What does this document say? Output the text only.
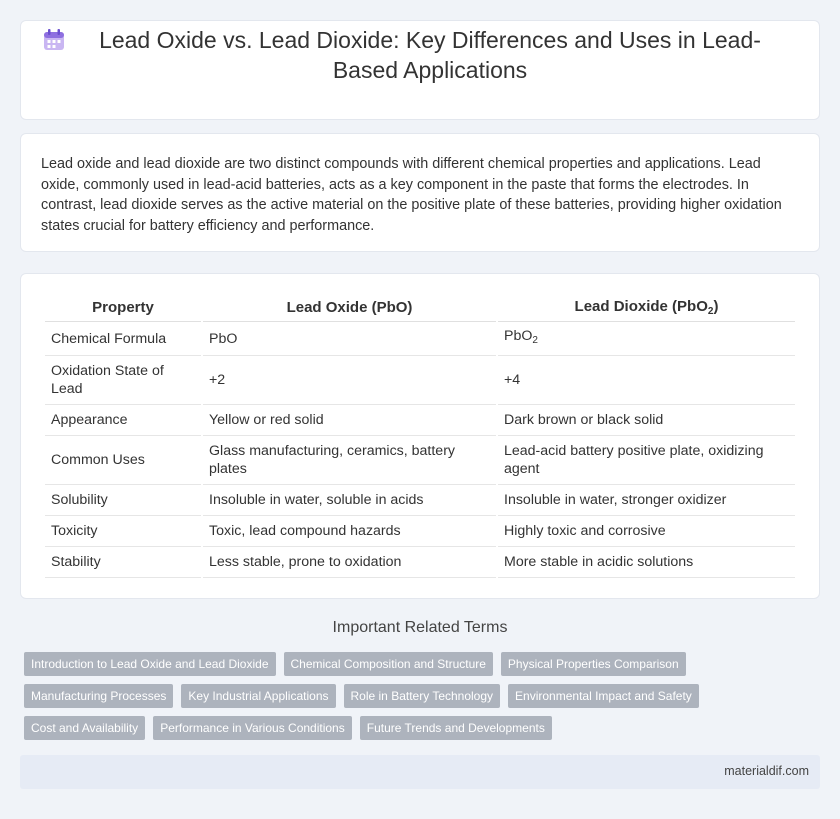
Lead Oxide vs. Lead Dioxide: Key Differences and Uses in Lead-Based Applications

Lead oxide and lead dioxide are two distinct compounds with different chemical properties and applications. Lead oxide, commonly used in lead-acid batteries, acts as a key component in the paste that forms the electrodes. In contrast, lead dioxide serves as the active material on the positive plate of these batteries, providing higher oxidation states crucial for battery efficiency and performance.

Property	Lead Oxide (PbO)	Lead Dioxide (PbO$_2$)
Chemical Formula	PbO	PbO$_2$
Oxidation State of Lead	+2	+4
Appearance	Yellow or red solid	Dark brown or black solid
Common Uses	Glass manufacturing, ceramics, battery plates	Lead-acid battery positive plate, oxidizing agent
Solubility	Insoluble in water, soluble in acids	Insoluble in water, stronger oxidizer
Toxicity	Toxic, lead compound hazards	Highly toxic and corrosive
Stability	Less stable, prone to oxidation	More stable in acidic solutions
Important Related Terms
Introduction to Lead Oxide and Lead Dioxide	Chemical Composition and Structure	Physical Properties Comparison
Manufacturing Processes	Key Industrial Applications	Role in Battery Technology	Environmental Impact and Safety
Cost and Availability	Performance in Various Conditions	Future Trends and Developments
materialdif.com
